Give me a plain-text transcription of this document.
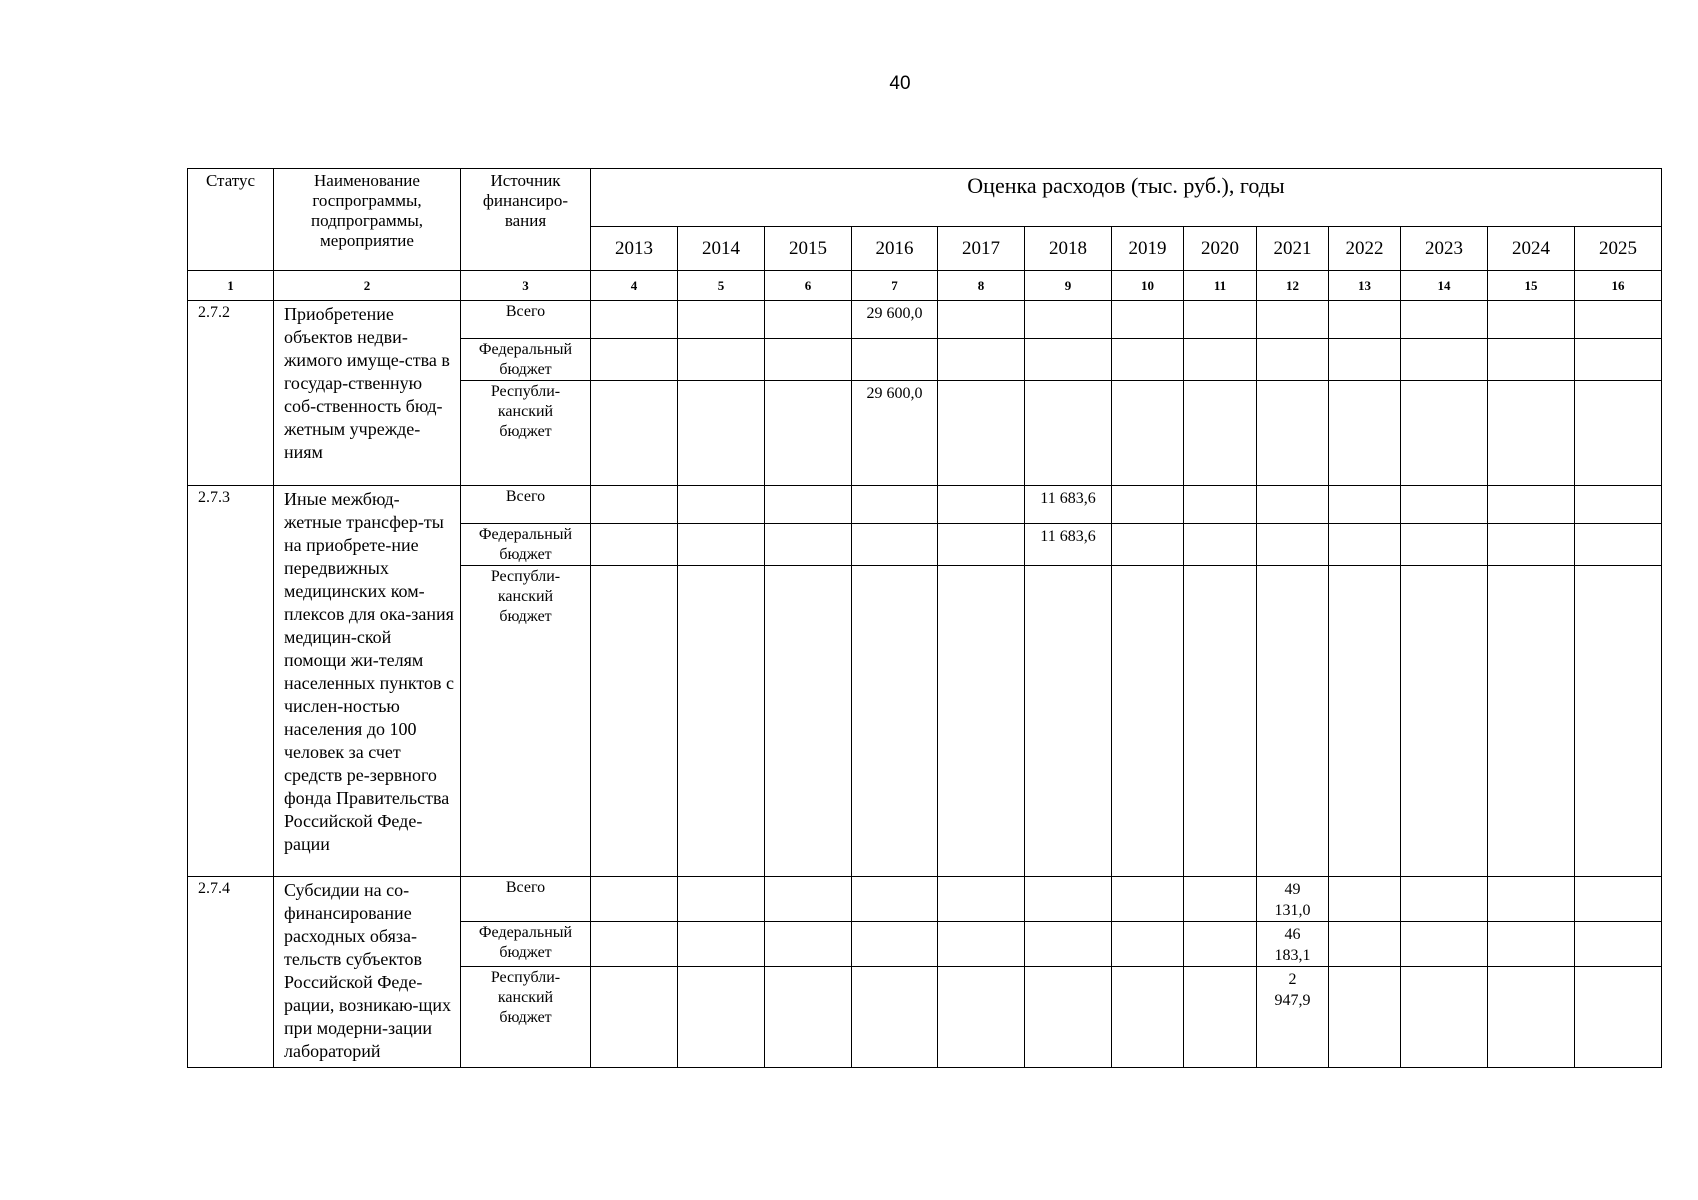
40
Статус	Наименование госпрограммы, подпрограммы, мероприятие	Источник финансиро-вания	Оценка расходов (тыс. руб.), годы												
			2013	2014	2015	2016	2017	2018	2019	2020	2021	2022	2023	2024	2025
1	2	3	4	5	6	7	8	9	10	11	12	13	14	15	16
2.7.2	Приобретение объектов недви-жимого имуще-ства в государ-ственную соб-ственность бюд-жетным учрежде-ниям	Всего				29 600,0									
		Федеральный бюджет													
		Республи-канский бюджет				29 600,0									
2.7.3	Иные межбюд-жетные трансфер-ты на приобрете-ние передвижных медицинских ком-плексов для ока-зания медицин-ской помощи жи-телям населенных пунктов с числен-ностью населения до 100 человек за счет средств ре-зервного фонда Правительства Российской Феде-рации	Всего						11 683,6							
		Федеральный бюджет						11 683,6							
		Республи-канский бюджет													
2.7.4	Субсидии на со-финансирование расходных обяза-тельств субъектов Российской Феде-рации, возникаю-щих при модерни-зации лабораторий	Всего									49 131,0				
		Федеральный бюджет									46 183,1				
		Республи-канский бюджет									2 947,9				
